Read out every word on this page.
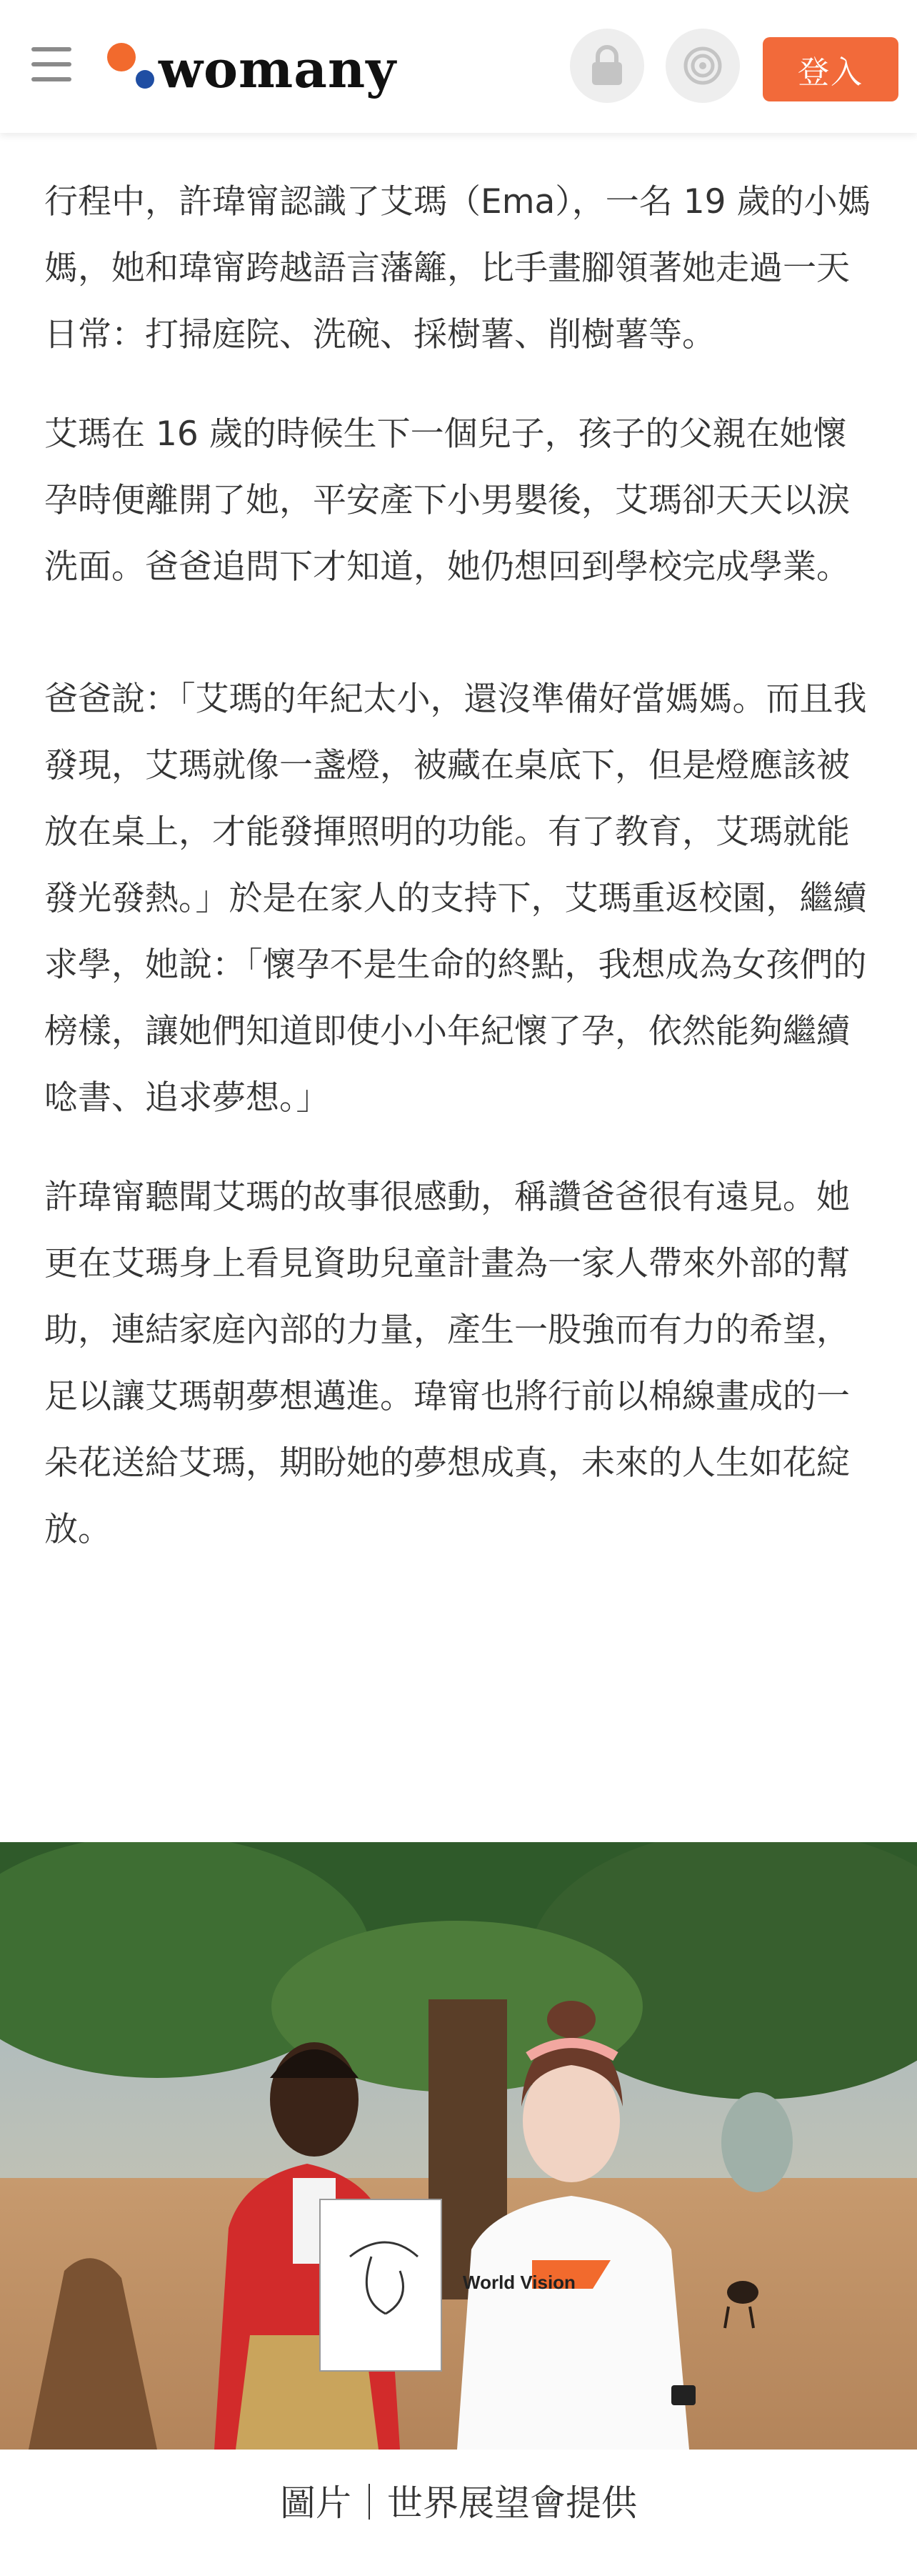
womany	登入

行程中，許瑋甯認識了艾瑪（Ema），一名 19 歲的小媽媽，她和瑋甯跨越語言藩籬，比手畫腳領著她走過一天日常：打掃庭院、洗碗、採樹薯、削樹薯等。

艾瑪在 16 歲的時候生下一個兒子，孩子的父親在她懷孕時便離開了她，平安產下小男嬰後，艾瑪卻天天以淚洗面。爸爸追問下才知道，她仍想回到學校完成學業。

爸爸說：「艾瑪的年紀太小，還沒準備好當媽媽。而且我發現，艾瑪就像一盞燈，被藏在桌底下，但是燈應該被放在桌上，才能發揮照明的功能。有了教育，艾瑪就能發光發熱。」於是在家人的支持下，艾瑪重返校園，繼續求學，她說：「懷孕不是生命的終點，我想成為女孩們的榜樣，讓她們知道即使小小年紀懷了孕，依然能夠繼續唸書、追求夢想。」

許瑋甯聽聞艾瑪的故事很感動，稱讚爸爸很有遠見。她更在艾瑪身上看見資助兒童計畫為一家人帶來外部的幫助，連結家庭內部的力量，產生一股強而有力的希望，足以讓艾瑪朝夢想邁進。瑋甯也將行前以棉線畫成的一朵花送給艾瑪，期盼她的夢想成真，未來的人生如花綻放。

World Vision
圖片｜世界展望會提供
